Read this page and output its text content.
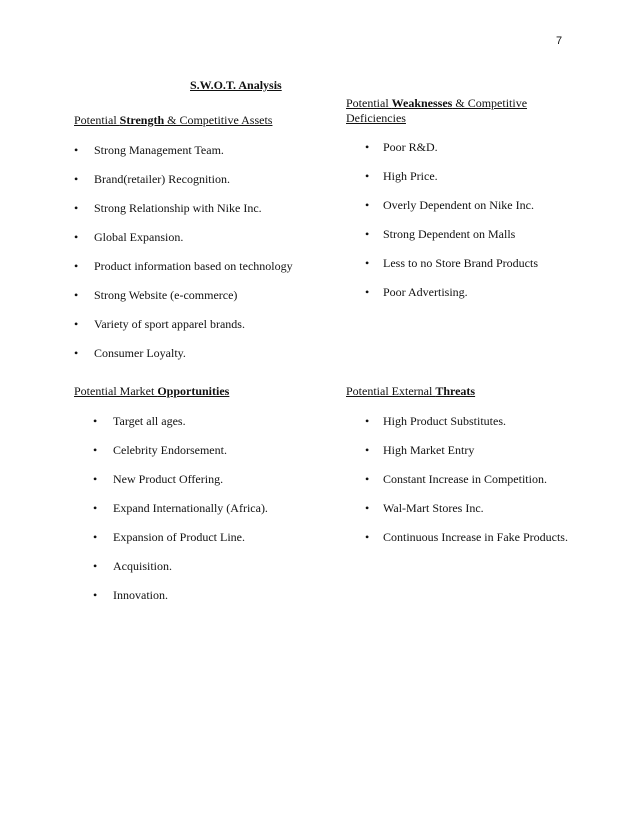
7
S.W.O.T. Analysis
Potential Strength & Competitive Assets
• Strong Management Team.
• Brand(retailer) Recognition.
• Strong Relationship with Nike Inc.
• Global Expansion.
• Product information based on technology
• Strong Website (e-commerce)
• Variety of sport apparel brands.
• Consumer Loyalty.
Potential Weaknesses & Competitive Deficiencies
• Poor R&D.
• High Price.
• Overly Dependent on Nike Inc.
• Strong Dependent on Malls
• Less to no Store Brand Products
• Poor Advertising.
Potential Market Opportunities
• Target all ages.
• Celebrity Endorsement.
• New Product Offering.
• Expand Internationally (Africa).
• Expansion of Product Line.
• Acquisition.
• Innovation.
Potential External Threats
• High Product Substitutes.
• High Market Entry
• Constant Increase in Competition.
• Wal-Mart Stores Inc.
• Continuous Increase in Fake Products.
